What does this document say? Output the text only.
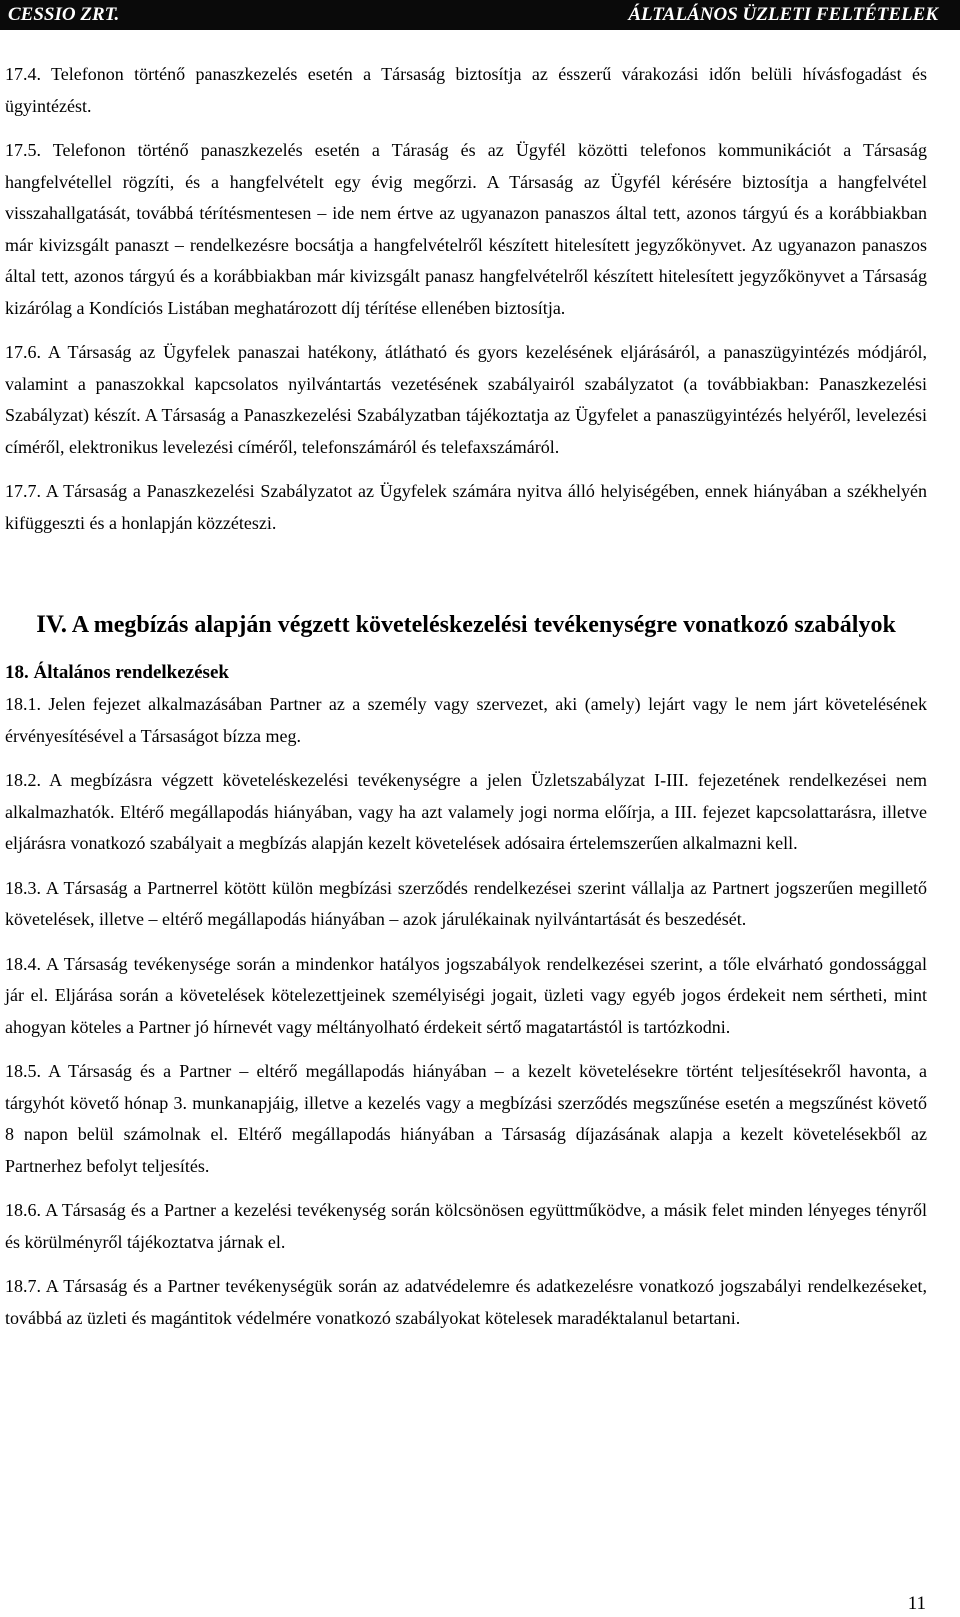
CESSIO ZRT.	ÁLTALÁNOS ÜZLETI FELTÉTELEK

17.4. Telefonon történő panaszkezelés esetén a Társaság biztosítja az ésszerű várakozási időn belüli hívásfogadást és ügyintézést.

17.5. Telefonon történő panaszkezelés esetén a Táraság és az Ügyfél közötti telefonos kommunikációt a Társaság hangfelvétellel rögzíti, és a hangfelvételt egy évig megőrzi. A Társaság az Ügyfél kérésére biztosítja a hangfelvétel visszahallgatását, továbbá térítésmentesen – ide nem értve az ugyanazon panaszos által tett, azonos tárgyú és a korábbiakban már kivizsgált panaszt – rendelkezésre bocsátja a hangfelvételről készített hitelesített jegyzőkönyvet. Az ugyanazon panaszos által tett, azonos tárgyú és a korábbiakban már kivizsgált panasz hangfelvételről készített hitelesített jegyzőkönyvet a Társaság kizárólag a Kondíciós Listában meghatározott díj térítése ellenében biztosítja.

17.6. A Társaság az Ügyfelek panaszai hatékony, átlátható és gyors kezelésének eljárásáról, a panaszügyintézés módjáról, valamint a panaszokkal kapcsolatos nyilvántartás vezetésének szabályairól szabályzatot (a továbbiakban: Panaszkezelési Szabályzat) készít. A Társaság a Panaszkezelési Szabályzatban tájékoztatja az Ügyfelet a panaszügyintézés helyéről, levelezési címéről, elektronikus levelezési címéről, telefonszámáról és telefaxszámáról.

17.7. A Társaság a Panaszkezelési Szabályzatot az Ügyfelek számára nyitva álló helyiségében, ennek hiányában a székhelyén kifüggeszti és a honlapján közzéteszi.

IV. A megbízás alapján végzett követeléskezelési tevékenységre vonatkozó szabályok
18. Általános rendelkezések

18.1. Jelen fejezet alkalmazásában Partner az a személy vagy szervezet, aki (amely) lejárt vagy le nem járt követelésének érvényesítésével a Társaságot bízza meg.

18.2. A megbízásra végzett követeléskezelési tevékenységre a jelen Üzletszabályzat I-III. fejezetének rendelkezései nem alkalmazhatók. Eltérő megállapodás hiányában, vagy ha azt valamely jogi norma előírja, a III. fejezet kapcsolattarásra, illetve eljárásra vonatkozó szabályait a megbízás alapján kezelt követelések adósaira értelemszerűen alkalmazni kell.

18.3. A Társaság a Partnerrel kötött külön megbízási szerződés rendelkezései szerint vállalja az Partnert jogszerűen megillető követelések, illetve – eltérő megállapodás hiányában – azok járulékainak nyilvántartását és beszedését.

18.4. A Társaság tevékenysége során a mindenkor hatályos jogszabályok rendelkezései szerint, a tőle elvárható gondossággal jár el. Eljárása során a követelések kötelezettjeinek személyiségi jogait, üzleti vagy egyéb jogos érdekeit nem sértheti, mint ahogyan köteles a Partner jó hírnevét vagy méltányolható érdekeit sértő magatartástól is tartózkodni.

18.5. A Társaság és a Partner – eltérő megállapodás hiányában – a kezelt követelésekre történt teljesítésekről havonta, a tárgyhót követő hónap 3. munkanapjáig, illetve a kezelés vagy a megbízási szerződés megszűnése esetén a megszűnést követő 8 napon belül számolnak el. Eltérő megállapodás hiányában a Társaság díjazásának alapja a kezelt követelésekből az Partnerhez befolyt teljesítés.

18.6. A Társaság és a Partner a kezelési tevékenység során kölcsönösen együttműködve, a másik felet minden lényeges tényről és körülményről tájékoztatva járnak el.

18.7. A Társaság és a Partner tevékenységük során az adatvédelemre és adatkezelésre vonatkozó jogszabályi rendelkezéseket, továbbá az üzleti és magántitok védelmére vonatkozó szabályokat kötelesek maradéktalanul betartani.

11
